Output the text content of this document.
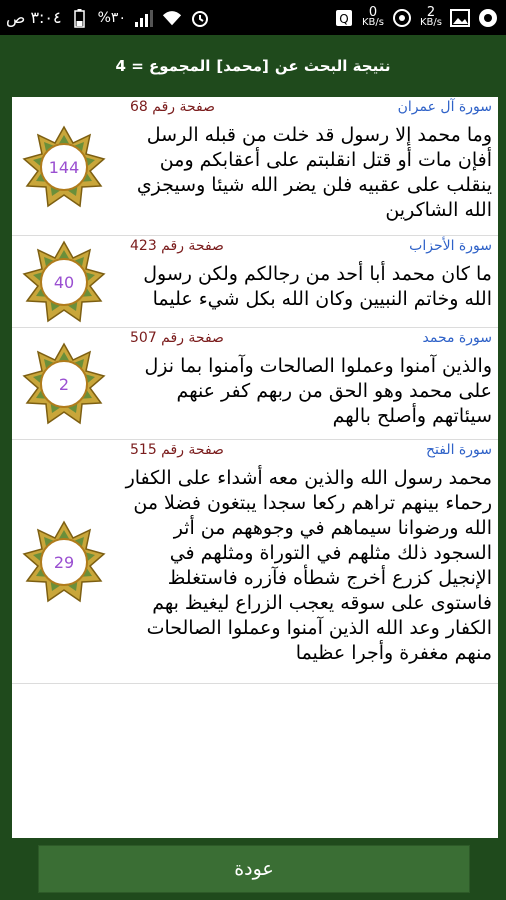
٣:٠٤ ص	%٣٠	Q	0
KB/s
2
KB/s
نتيجة البحث عن
[محمد]
المجموع = 4
سورة آل عمران
صفحة رقم 68
وما محمد إلا رسول قد خلت من قبله الرسل أفإن مات أو قتل انقلبتم على أعقابكم ومن ينقلب على عقبيه فلن يضر الله شيئا وسيجزي الله الشاكرين
144
سورة الأحزاب
صفحة رقم 423
ما كان محمد أبا أحد من رجالكم ولكن رسول الله وخاتم النبيين وكان الله بكل شيء عليما
40
سورة محمد
صفحة رقم 507
والذين آمنوا وعملوا الصالحات وآمنوا بما نزل على محمد وهو الحق من ربهم كفر عنهم سيئاتهم وأصلح بالهم
2
سورة الفتح
صفحة رقم 515
محمد رسول الله والذين معه أشداء على الكفار رحماء بينهم تراهم ركعا سجدا يبتغون فضلا من الله ورضوانا سيماهم في وجوههم من أثر السجود ذلك مثلهم في التوراة ومثلهم في الإنجيل كزرع أخرج شطأه فآزره فاستغلظ فاستوى على سوقه يعجب الزراع ليغيظ بهم الكفار وعد الله الذين آمنوا وعملوا الصالحات منهم مغفرة وأجرا عظيما
29
عودة
